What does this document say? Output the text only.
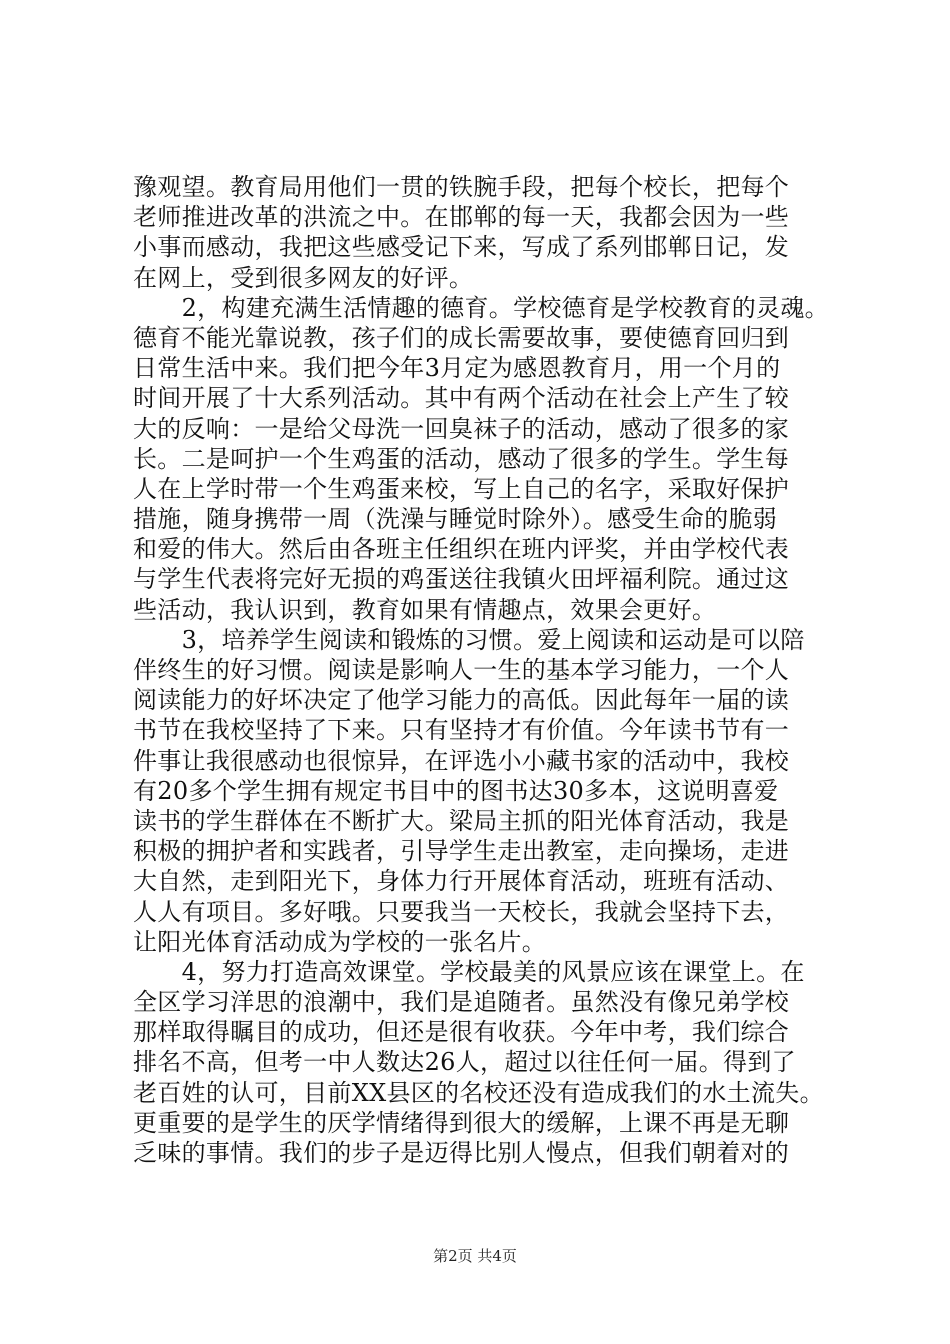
豫观望。教育局用他们一贯的铁腕手段，把每个校长，把每个
老师推进改革的洪流之中。在邯郸的每一天，我都会因为一些
小事而感动，我把这些感受记下来，写成了系列邯郸日记，发
在网上，受到很多网友的好评。
　　2，构建充满生活情趣的德育。学校德育是学校教育的灵魂。
德育不能光靠说教，孩子们的成长需要故事，要使德育回归到
日常生活中来。我们把今年3月定为感恩教育月，用一个月的
时间开展了十大系列活动。其中有两个活动在社会上产生了较
大的反响：一是给父母洗一回臭袜子的活动，感动了很多的家
长。二是呵护一个生鸡蛋的活动，感动了很多的学生。学生每
人在上学时带一个生鸡蛋来校，写上自己的名字，采取好保护
措施，随身携带一周（洗澡与睡觉时除外）。感受生命的脆弱
和爱的伟大。然后由各班主任组织在班内评奖，并由学校代表
与学生代表将完好无损的鸡蛋送往我镇火田坪福利院。通过这
些活动，我认识到，教育如果有情趣点，效果会更好。
　　3，培养学生阅读和锻炼的习惯。爱上阅读和运动是可以陪
伴终生的好习惯。阅读是影响人一生的基本学习能力，一个人
阅读能力的好坏决定了他学习能力的高低。因此每年一届的读
书节在我校坚持了下来。只有坚持才有价值。今年读书节有一
件事让我很感动也很惊异，在评选小小藏书家的活动中，我校
有20多个学生拥有规定书目中的图书达30多本，这说明喜爱
读书的学生群体在不断扩大。梁局主抓的阳光体育活动，我是
积极的拥护者和实践者，引导学生走出教室，走向操场，走进
大自然，走到阳光下，身体力行开展体育活动，班班有活动、
人人有项目。多好哦。只要我当一天校长，我就会坚持下去，
让阳光体育活动成为学校的一张名片。
　　4，努力打造高效课堂。学校最美的风景应该在课堂上。在
全区学习洋思的浪潮中，我们是追随者。虽然没有像兄弟学校
那样取得瞩目的成功，但还是很有收获。今年中考，我们综合
排名不高，但考一中人数达26人，超过以往任何一届。得到了
老百姓的认可，目前XX县区的名校还没有造成我们的水土流失。
更重要的是学生的厌学情绪得到很大的缓解，上课不再是无聊
乏味的事情。我们的步子是迈得比别人慢点，但我们朝着对的
第2页 共4页
